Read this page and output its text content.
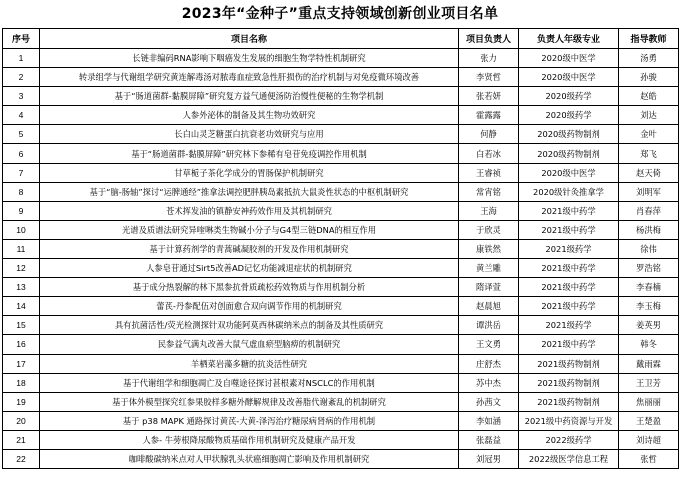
2023年“金种子”重点支持领域创新创业项目名单
序号	项目名称	项目负责人	负责人年级专业	指导教师
1	长链非编码RNA影响下咽癌发生发展的细胞生物学特性机制研究	张力	2020级中医学	汤勇
2	转录组学与代谢组学研究黄连解毒汤对脓毒血症致急性肝损伤的治疗机制与对免疫微环境改善	李贤哲	2020级中医学	孙骏
3	基于“肠道菌群-黏膜屏障”研究复方益气通便汤防治慢性便秘的生物学机制	张若妍	2020级药学	赵皓
4	人参外泌体的制备及其生物功效研究	霍露露	2020级药学	刘达
5	长白山灵芝糖蛋白抗衰老功效研究与应用	何静	2020级药物制剂	金叶
6	基于“肠道菌群-黏膜屏障”研究林下参稀有皂苷免疫调控作用机制	白若冰	2020级药物制剂	郑飞
7	甘草栀子茶化学成分的胃肠保护机制研究	王睿祯	2020级中医学	赵天倚
8	基于“脑-肠轴”探讨“运脾通经”推拿法调控肥胖胰岛素抵抗大鼠炎性状态的中枢机制研究	常宵铭	2020级针灸推拿学	刘明军
9	苍术挥发油的镇静安神药效作用及其机制研究	王海	2021级中药学	肖春萍
10	光谱及质谱法研究异喹啉类生物碱小分子与G4型三链DNA的相互作用	于欣灵	2021级中药学	杨洪梅
11	基于计算药剂学的青蒿碱凝胶剂的开发及作用机制研究	康铁然	2021级药学	徐伟
12	人参皂苷通过Sirt5改善AD记忆功能减退症状的机制研究	黄兰雕	2021级中药学	罗浩铭
13	基于成分热裂解的林下黑参抗骨质疏松药效物质与作用机制分析	隋译萱	2021级中药学	李春楠
14	蕾芪-丹参配伍对创面愈合双向调节作用的机制研究	赵晨旭	2021级中药学	李玉梅
15	具有抗菌活性/荧光检测探针双功能阿莫西林碳纳米点的制备及其性质研究	谭洪岳	2021级药学	姜英男
16	民参益气满丸改善大鼠气虚血瘀型脑痹的机制研究	王文勇	2021级中药学	韩冬
17	羊栖菜岩藻多糖的抗炎活性研究	庄舒杰	2021级药物制剂	戴雨霖
18	基于代谢组学和细胞凋亡及自噬途径探讨甚根素对NSCLC的作用机制	苏中杰	2021级药物制剂	王卫芳
19	基于体外模型探究红参果胶样多糖外酵解规律及改善脂代谢紊乱的机制研究	孙茜文	2021级药物制剂	焦丽丽
20	基于 p38 MAPK 通路探讨黄芪-大黄-泽泻治疗糖尿病肾病的作用机制	李如涵	2021级中药资源与开发	王楚盈
21	人参- 牛蒡根降尿酸物质基础作用机制研究及健康产品开发	张磊益	2022级药学	刘诗超
22	咖啡酸碳纳米点对人甲状腺乳头状癌细胞凋亡影响及作用机制研究	刘冠男	2022级医学信息工程	张哲
